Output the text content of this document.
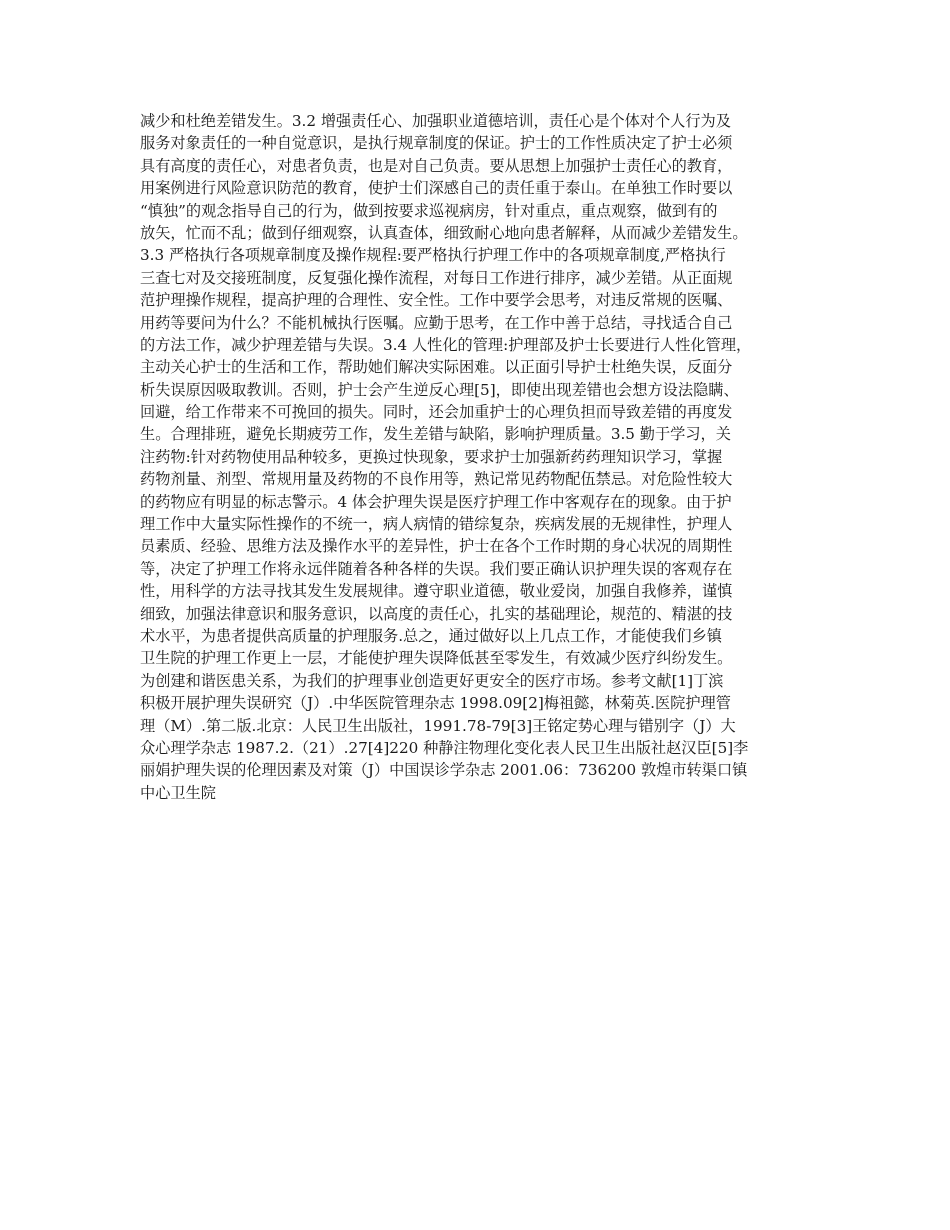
减少和杜绝差错发生。3.2 增强责任心、加强职业道德培训，责任心是个体对个人行为及
服务对象责任的一种自觉意识，是执行规章制度的保证。护士的工作性质决定了护士必须
具有高度的责任心，对患者负责，也是对自己负责。要从思想上加强护士责任心的教育，
用案例进行风险意识防范的教育，使护士们深感自己的责任重于泰山。在单独工作时要以
“慎独”的观念指导自己的行为，做到按要求巡视病房，针对重点，重点观察，做到有的
放矢，忙而不乱；做到仔细观察，认真查体，细致耐心地向患者解释，从而减少差错发生。
3.3 严格执行各项规章制度及操作规程:要严格执行护理工作中的各项规章制度,严格执行
三查七对及交接班制度，反复强化操作流程，对每日工作进行排序，减少差错。从正面规
范护理操作规程，提高护理的合理性、安全性。工作中要学会思考，对违反常规的医嘱、
用药等要问为什么？不能机械执行医嘱。应勤于思考，在工作中善于总结，寻找适合自己
的方法工作，减少护理差错与失误。3.4 人性化的管理:护理部及护士长要进行人性化管理，
主动关心护士的生活和工作，帮助她们解决实际困难。以正面引导护士杜绝失误，反面分
析失误原因吸取教训。否则，护士会产生逆反心理[5]，即使出现差错也会想方设法隐瞒、
回避，给工作带来不可挽回的损失。同时，还会加重护士的心理负担而导致差错的再度发
生。合理排班，避免长期疲劳工作，发生差错与缺陷，影响护理质量。3.5 勤于学习，关
注药物:针对药物使用品种较多，更换过快现象，要求护士加强新药药理知识学习，掌握
药物剂量、剂型、常规用量及药物的不良作用等，熟记常见药物配伍禁忌。对危险性较大
的药物应有明显的标志警示。4 体会护理失误是医疗护理工作中客观存在的现象。由于护
理工作中大量实际性操作的不统一，病人病情的错综复杂，疾病发展的无规律性，护理人
员素质、经验、思维方法及操作水平的差异性，护士在各个工作时期的身心状况的周期性
等，决定了护理工作将永远伴随着各种各样的失误。我们要正确认识护理失误的客观存在
性，用科学的方法寻找其发生发展规律。遵守职业道德，敬业爱岗，加强自我修养，谨慎
细致，加强法律意识和服务意识，以高度的责任心，扎实的基础理论，规范的、精湛的技
术水平，为患者提供高质量的护理服务.总之，通过做好以上几点工作，才能使我们乡镇
卫生院的护理工作更上一层，才能使护理失误降低甚至零发生，有效减少医疗纠纷发生。
为创建和谐医患关系，为我们的护理事业创造更好更安全的医疗市场。参考文献[1]丁滨
积极开展护理失误研究（J）.中华医院管理杂志 1998.09[2]梅祖懿，林菊英.医院护理管
理（M）.第二版.北京：人民卫生出版社，1991.78-79[3]王铭定势心理与错别字（J）大
众心理学杂志 1987.2.（21）.27[4]220 种静注物理化变化表人民卫生出版社赵汉臣[5]李
丽娟护理失误的伦理因素及对策（J）中国误诊学杂志 2001.06：736200 敦煌市转渠口镇
中心卫生院
